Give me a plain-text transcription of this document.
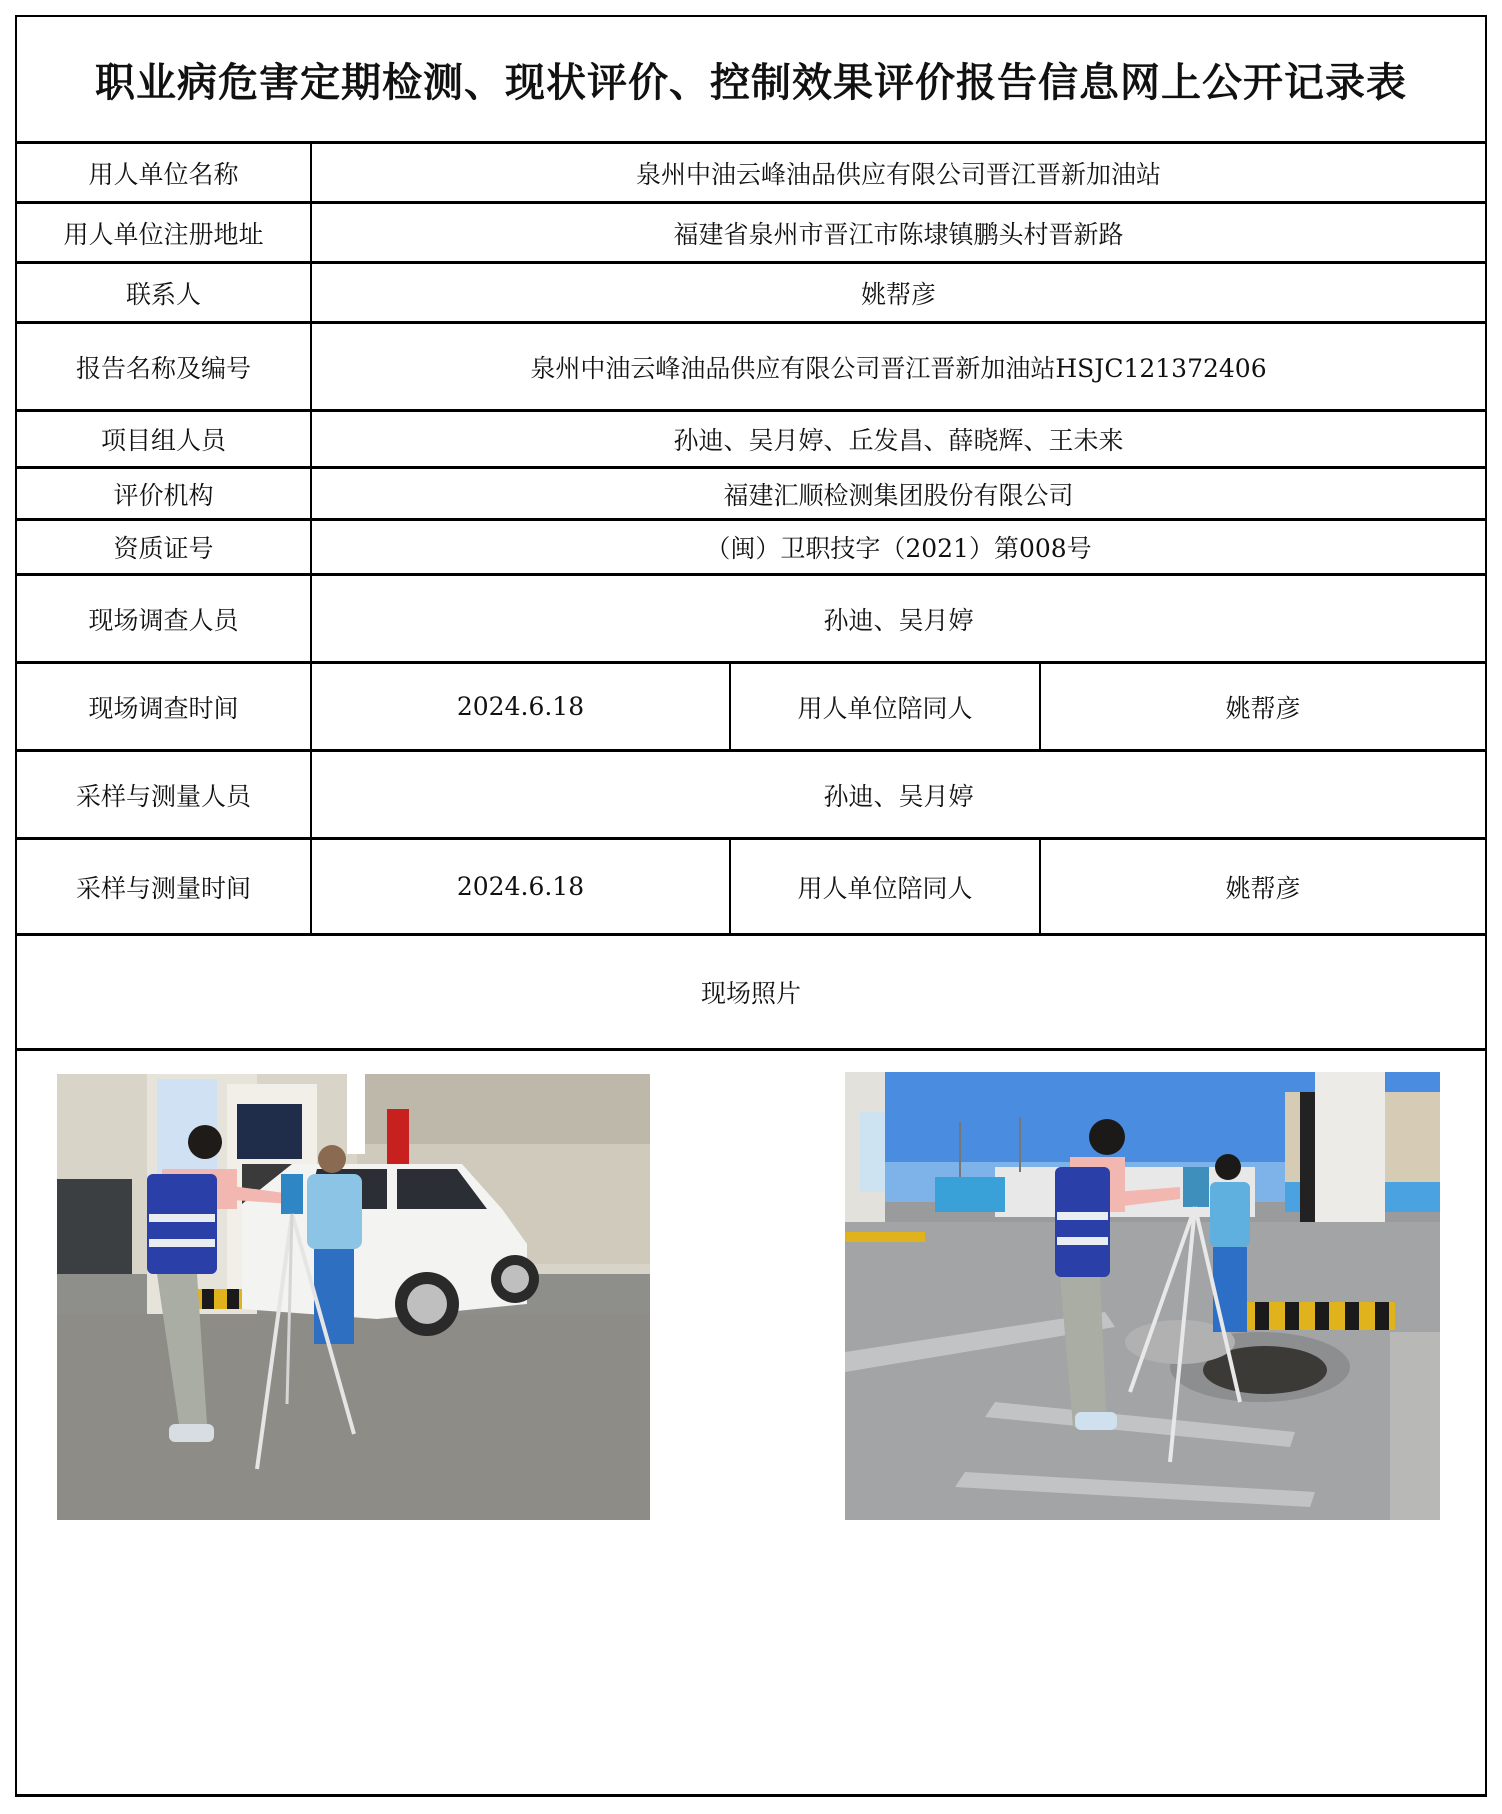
职业病危害定期检测、现状评价、控制效果评价报告信息网上公开记录表
用人单位名称	泉州中油云峰油品供应有限公司晋江晋新加油站
用人单位注册地址	福建省泉州市晋江市陈埭镇鹏头村晋新路
联系人	姚帮彦
报告名称及编号	泉州中油云峰油品供应有限公司晋江晋新加油站HSJC121372406
项目组人员	孙迪、吴月婷、丘发昌、薛晓辉、王未来
评价机构	福建汇顺检测集团股份有限公司
资质证号	（闽）卫职技字（2021）第008号
现场调查人员	孙迪、吴月婷
现场调查时间	2024.6.18	用人单位陪同人	姚帮彦
采样与测量人员	孙迪、吴月婷
采样与测量时间	2024.6.18	用人单位陪同人	姚帮彦
现场照片
